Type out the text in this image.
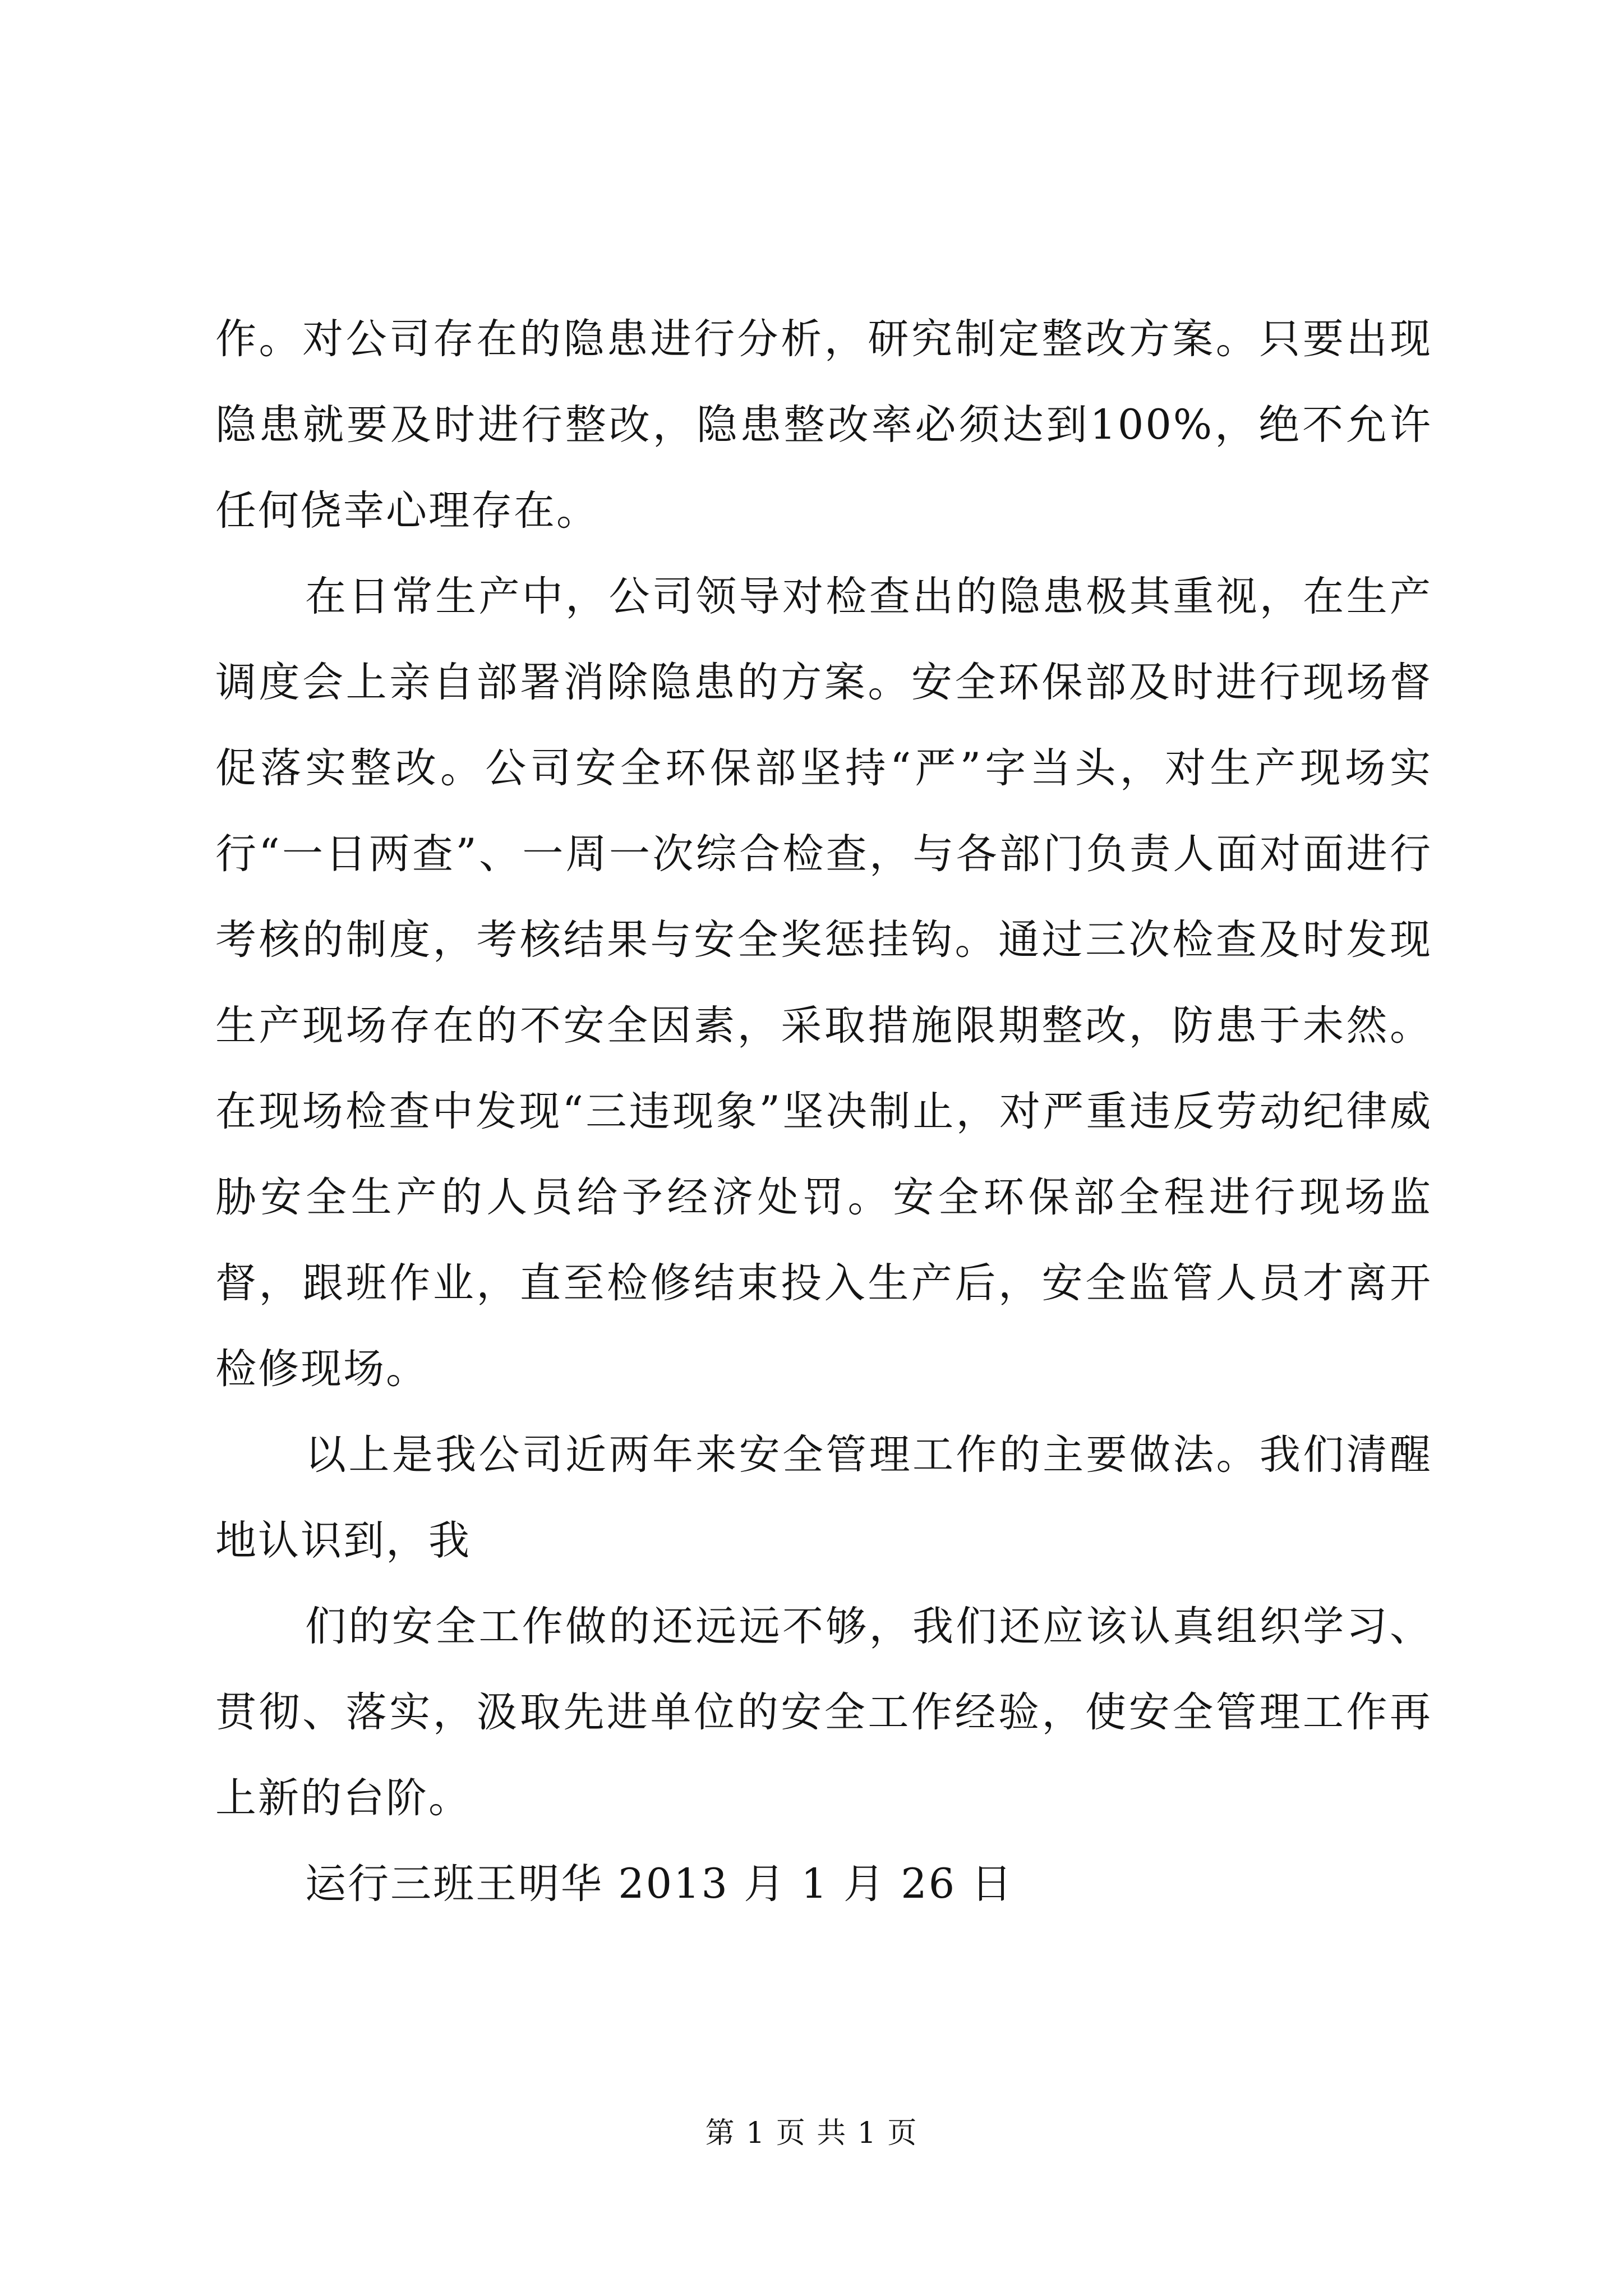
作。对公司存在的隐患进行分析，研究制定整改方案。只要出现隐患就要及时进行整改，隐患整改率必须达到100%，绝不允许任何侥幸心理存在。

在日常生产中，公司领导对检查出的隐患极其重视，在生产调度会上亲自部署消除隐患的方案。安全环保部及时进行现场督促落实整改。公司安全环保部坚持“严”字当头，对生产现场实行“一日两查”、一周一次综合检查，与各部门负责人面对面进行考核的制度，考核结果与安全奖惩挂钩。通过三次检查及时发现生产现场存在的不安全因素，采取措施限期整改，防患于未然。在现场检查中发现“三违现象”坚决制止，对严重违反劳动纪律威胁安全生产的人员给予经济处罚。安全环保部全程进行现场监督，跟班作业，直至检修结束投入生产后，安全监管人员才离开检修现场。

以上是我公司近两年来安全管理工作的主要做法。我们清醒地认识到，我

们的安全工作做的还远远不够，我们还应该认真组织学习、贯彻、落实，汲取先进单位的安全工作经验，使安全管理工作再上新的台阶。

运行三班王明华 2013 月 1 月 26 日

第 1 页 共 1 页
